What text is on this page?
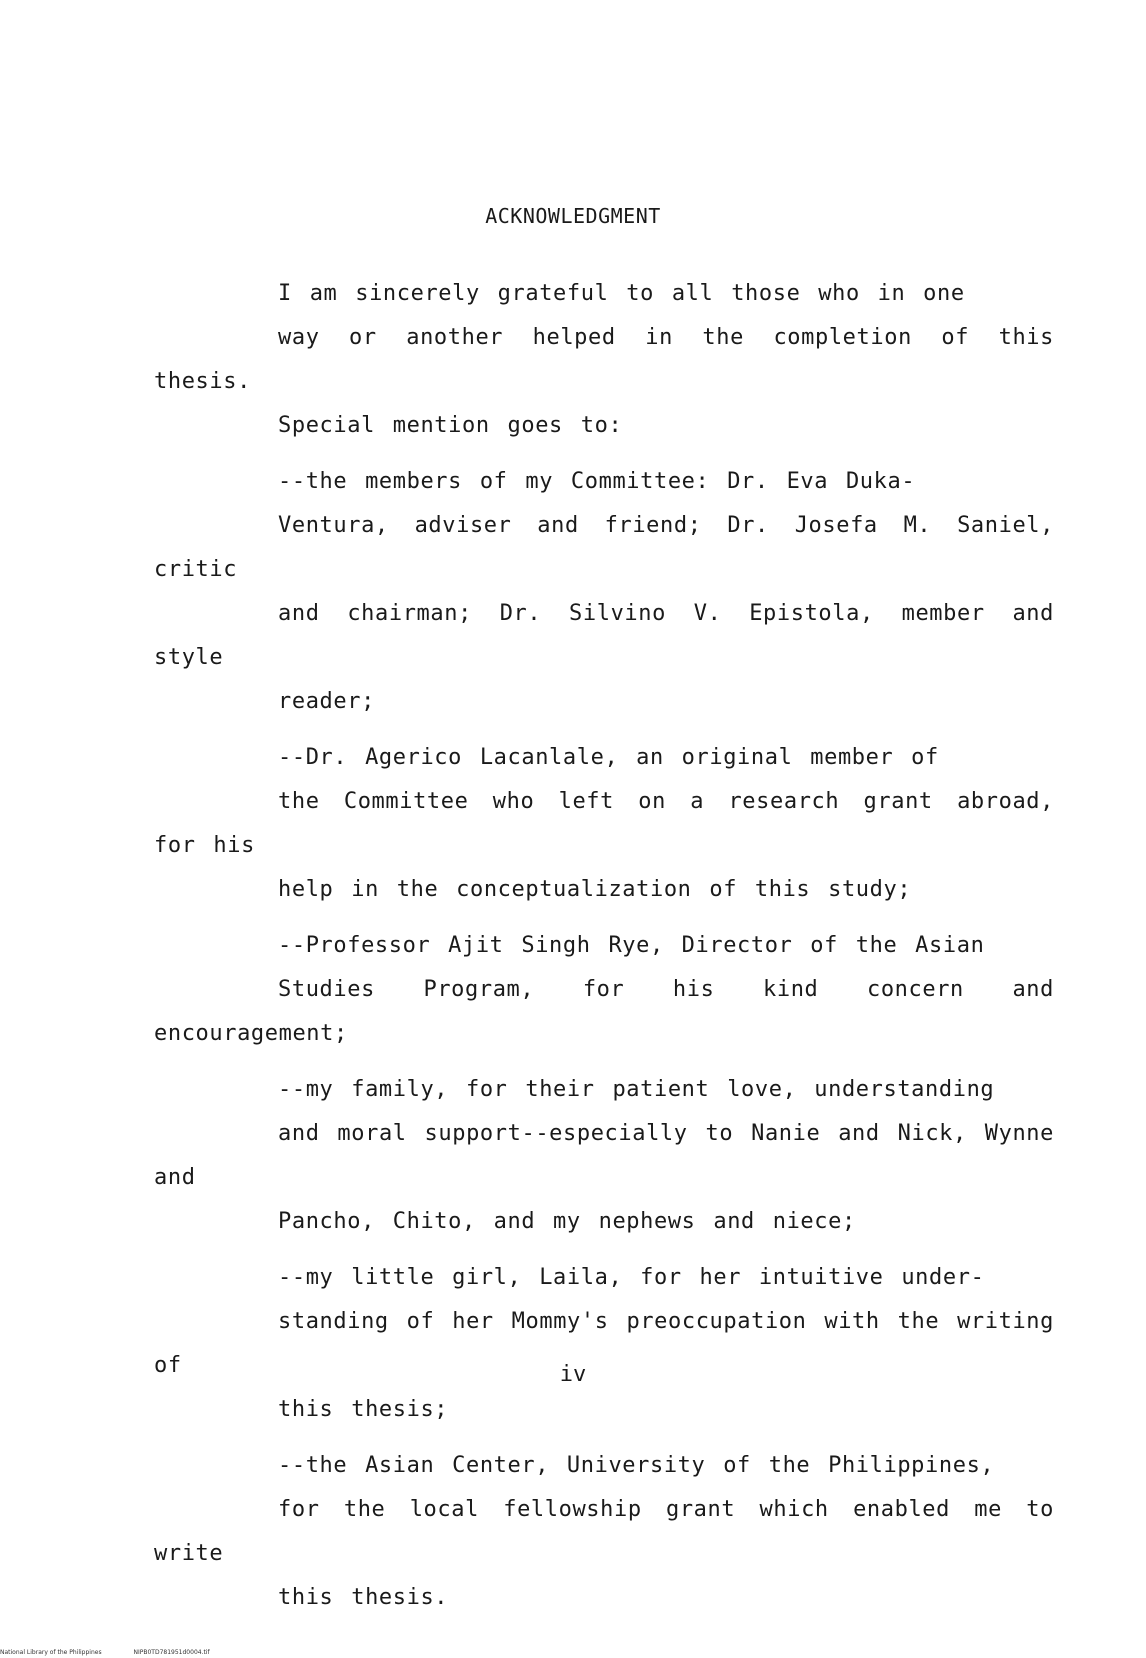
ACKNOWLEDGMENT

I am sincerely grateful to all those who in one
way or another helped in the completion of this thesis.
Special mention goes to:

--the members of my Committee: Dr. Eva Duka-
Ventura, adviser and friend; Dr. Josefa M. Saniel, critic
and chairman; Dr. Silvino V. Epistola, member and style
reader;

--Dr. Agerico Lacanlale, an original member of
the Committee who left on a research grant abroad, for his
help in the conceptualization of this study;

--Professor Ajit Singh Rye, Director of the Asian
Studies Program, for his kind concern and encouragement;

--my family, for their patient love, understanding
and moral support--especially to Nanie and Nick, Wynne and
Pancho, Chito, and my nephews and niece;

--my little girl, Laila, for her intuitive under-
standing of her Mommy's preoccupation with the writing of
this thesis;

--the Asian Center, University of the Philippines,
for the local fellowship grant which enabled me to write
this thesis.

iv
National Library of the Philippines	NIPB0TD781951d0004.tif
